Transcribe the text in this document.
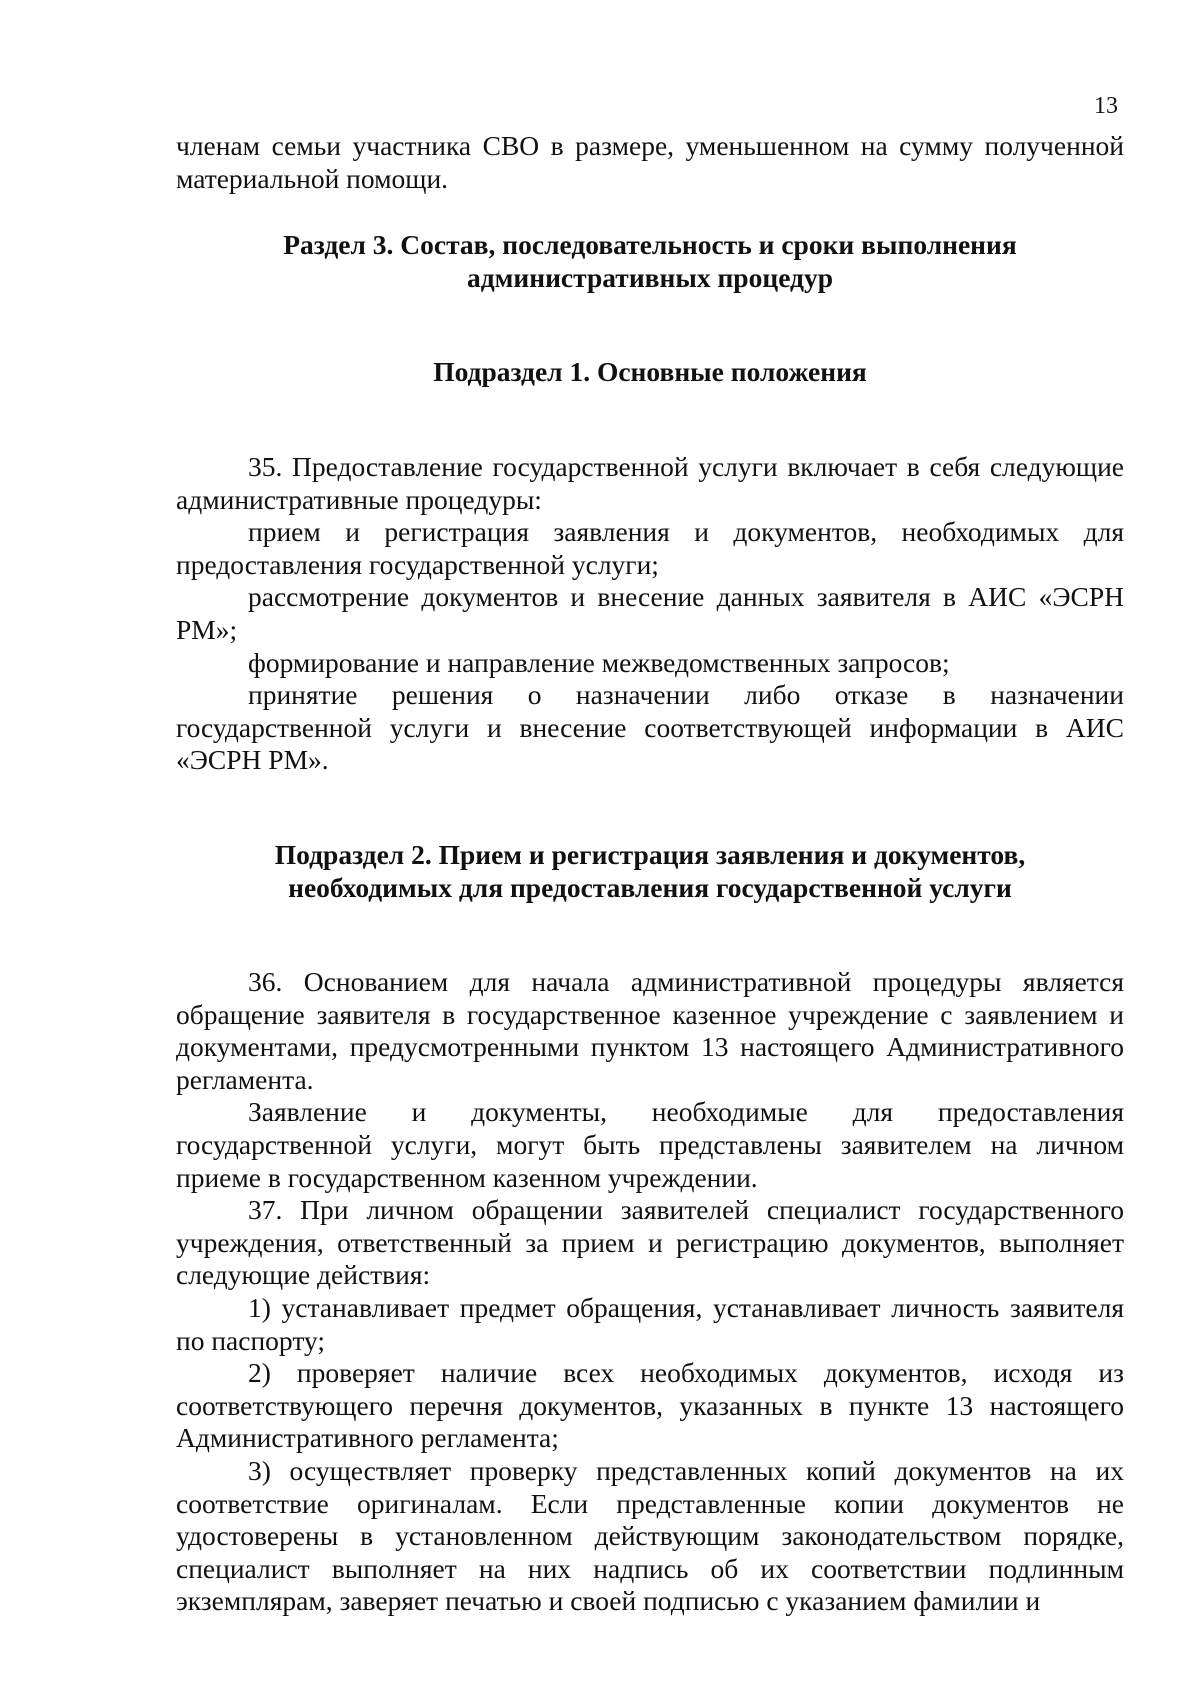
13

членам семьи участника СВО в размере, уменьшенном на сумму полученной материальной помощи.

Раздел 3. Состав, последовательность и сроки выполнения

административных процедур

Подраздел 1. Основные положения

35. Предоставление государственной услуги включает в себя следующие административные процедуры:

прием и регистрация заявления и документов, необходимых для предоставления государственной услуги;

рассмотрение документов и внесение данных заявителя в АИС «ЭСРН РМ»;

формирование и направление межведомственных запросов;

принятие решения о назначении либо отказе в назначении государственной услуги и внесение соответствующей информации в АИС «ЭСРН РМ».

Подраздел 2. Прием и регистрация заявления и документов,

необходимых для предоставления государственной услуги

36. Основанием для начала административной процедуры является обращение заявителя в государственное казенное учреждение с заявлением и документами, предусмотренными пунктом 13 настоящего Административного регламента.

Заявление и документы, необходимые для предоставления государственной услуги, могут быть представлены заявителем на личном приеме в государственном казенном учреждении.

37. При личном обращении заявителей специалист государственного учреждения, ответственный за прием и регистрацию документов, выполняет следующие действия:

1) устанавливает предмет обращения, устанавливает личность заявителя по паспорту;

2) проверяет наличие всех необходимых документов, исходя из соответствующего перечня документов, указанных в пункте 13 настоящего Административного регламента;

3) осуществляет проверку представленных копий документов на их соответствие оригиналам. Если представленные копии документов не удостоверены в установленном действующим законодательством порядке, специалист выполняет на них надпись об их соответствии подлинным экземплярам, заверяет печатью и своей подписью с указанием фамилии и
